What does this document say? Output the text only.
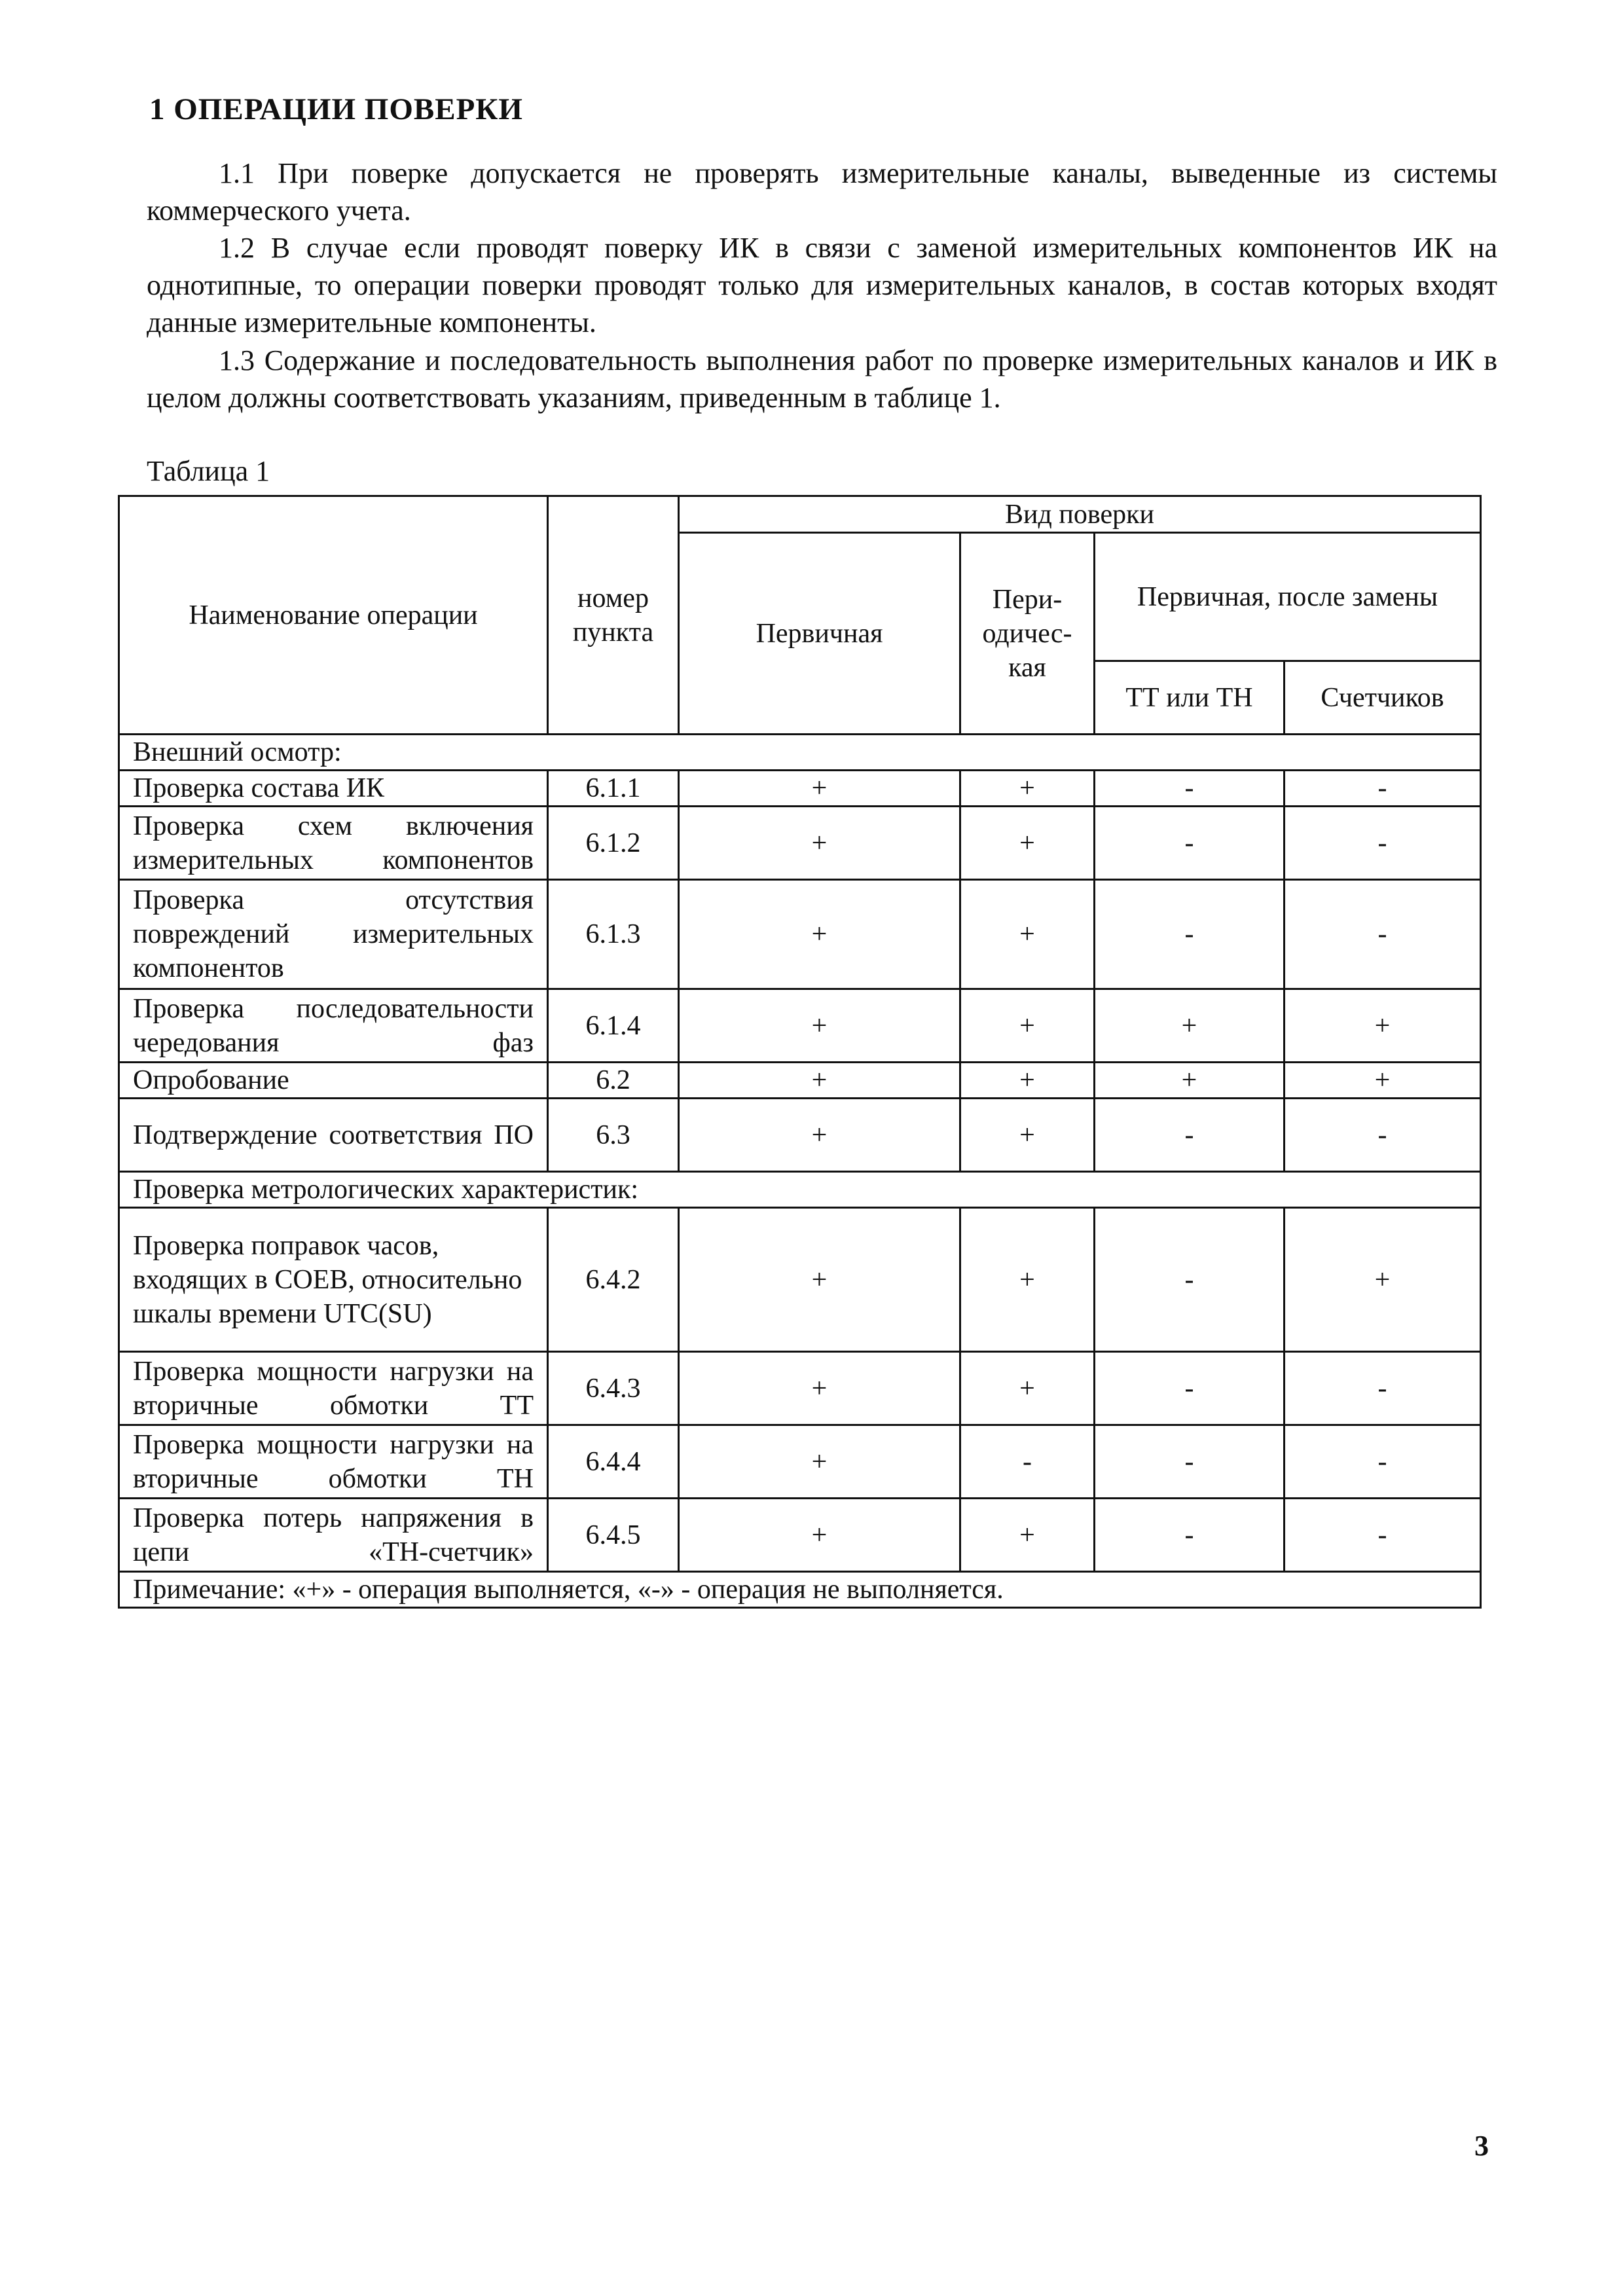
1 ОПЕРАЦИИ ПОВЕРКИ

1.1 При поверке допускается не проверять измерительные каналы, выведенные из системы коммерческого учета.

1.2 В случае если проводят поверку ИК в связи с заменой измерительных компонентов ИК на однотипные, то операции поверки проводят только для измерительных каналов, в состав которых входят данные измерительные компоненты.

1.3 Содержание и последовательность выполнения работ по проверке измерительных каналов и ИК в целом должны соответствовать указаниям, приведенным в таблице 1.

Таблица 1
Наименование операции	номер пункта	Вид поверки			
		Первичная	Пери-одичес-кая	Первичная, после замены	
				ТТ или ТН	Счетчиков
Внешний осмотр:					
Проверка состава ИК	6.1.1	+	+	-	-
Проверка схем включения измерительных компонентов	6.1.2	+	+	-	-
Проверка отсутствия повреждений измерительных компонентов	6.1.3	+	+	-	-
Проверка последовательности чередования фаз	6.1.4	+	+	+	+
Опробование	6.2	+	+	+	+
Подтверждение соответствия ПО	6.3	+	+	-	-
Проверка метрологических характеристик:					
Проверка поправок часов, входящих в СОЕВ, относительно шкалы времени UTC(SU)	6.4.2	+	+	-	+
Проверка мощности нагрузки на вторичные обмотки ТТ	6.4.3	+	+	-	-
Проверка мощности нагрузки на вторичные обмотки ТН	6.4.4	+	-	-	-
Проверка потерь напряжения в цепи «ТН-счетчик»	6.4.5	+	+	-	-
Примечание: «+» - операция выполняется, «-» - операция не выполняется.					
3
